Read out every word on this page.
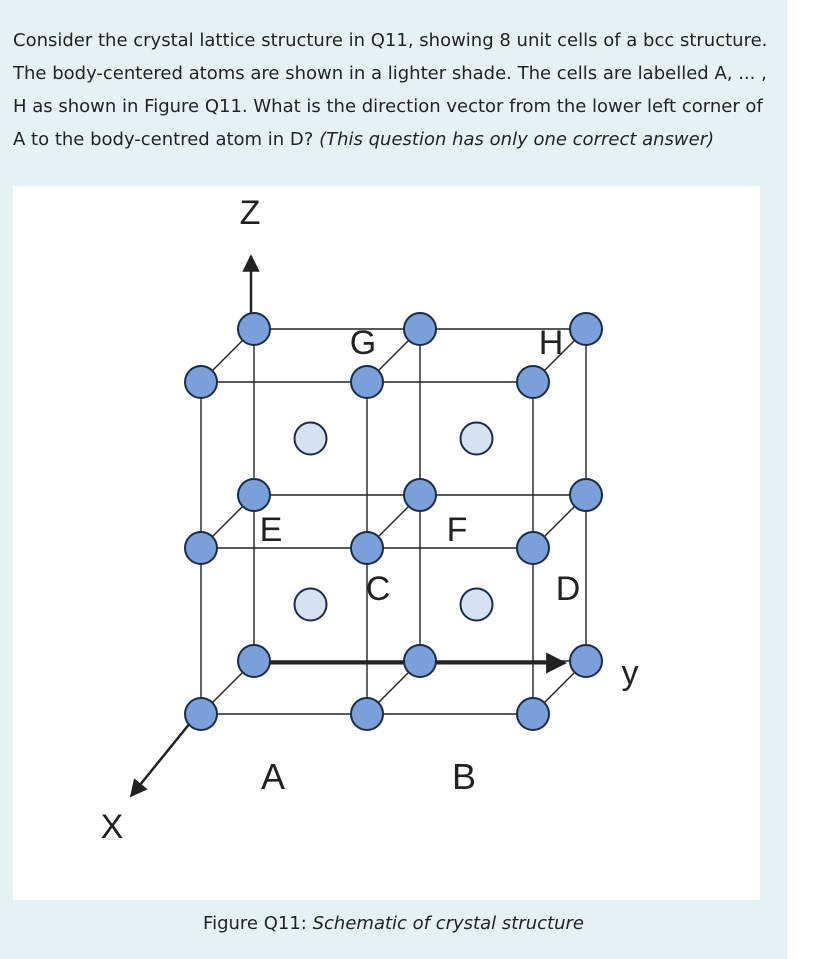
Consider the crystal lattice structure in Q11, showing 8 unit cells of a bcc structure. The body-centered atoms are shown in a lighter shade. The cells are labelled A, ... , H as shown in Figure Q11. What is the direction vector from the lower left corner of A to the body-centred atom in D? (This question has only one correct answer)

Z
X
y
A	B
C	D
E	F
G	H
Figure Q11: Schematic of crystal structure
